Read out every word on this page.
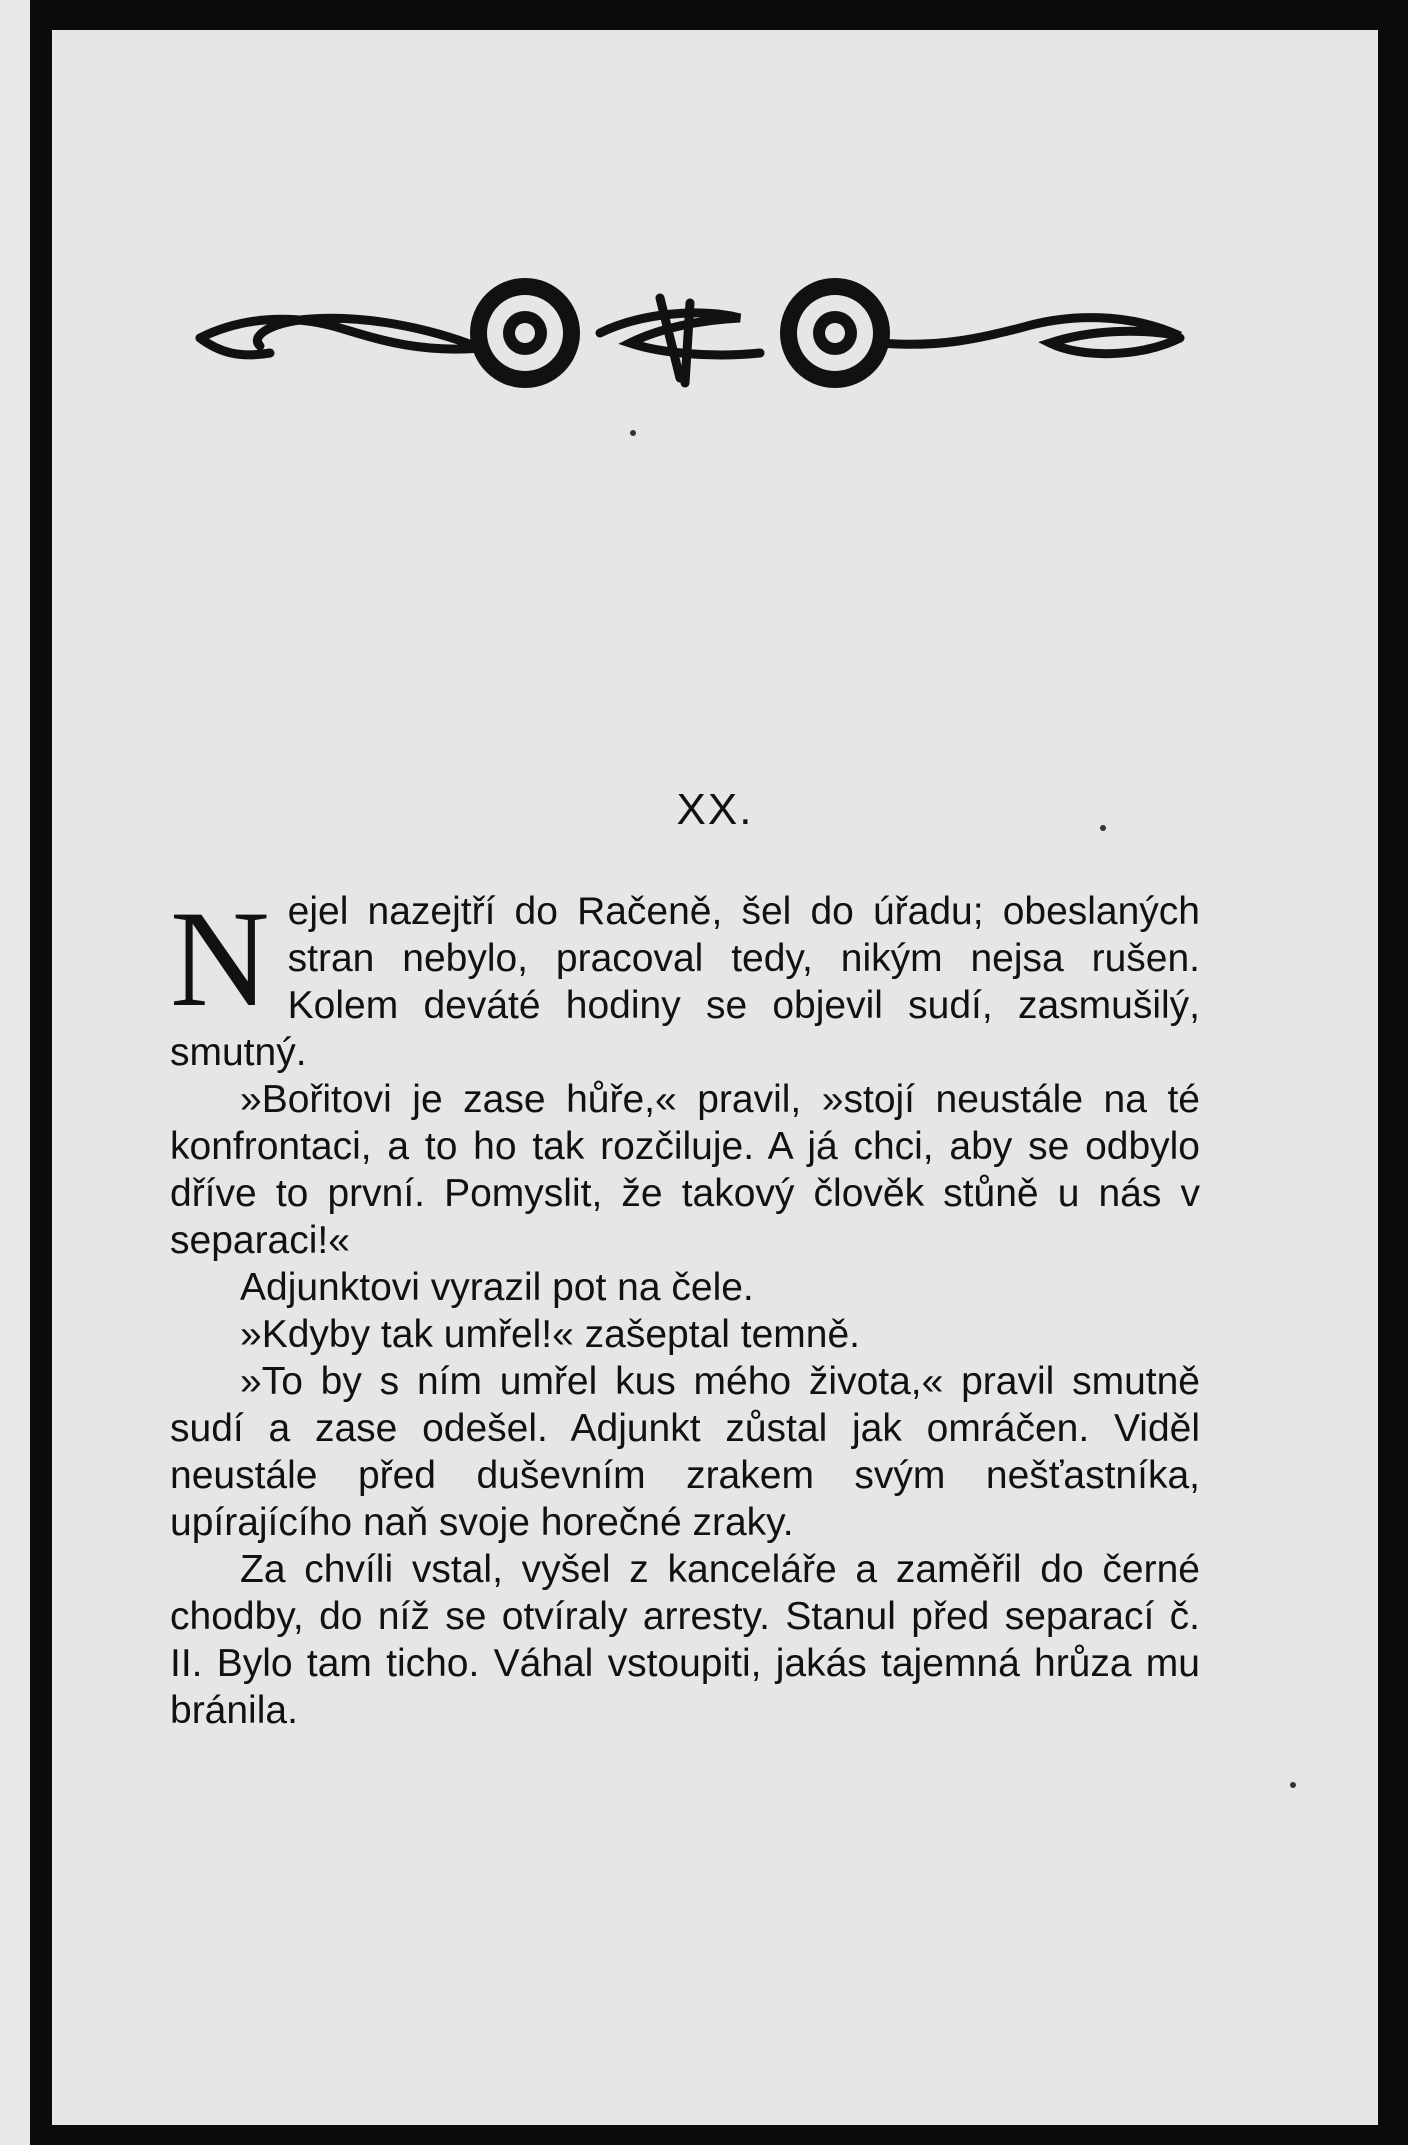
XX.

N ejel nazejtří do Račeně, šel do úřadu; obeslaných stran nebylo, pracoval tedy, nikým nejsa rušen. Kolem deváté hodiny se objevil sudí, zasmušilý, smutný.

»Bořitovi je zase hůře,« pravil, »stojí neustále na té konfrontaci, a to ho tak rozčiluje. A já chci, aby se odbylo dříve to první. Pomyslit, že takový člověk stůně u nás v separaci!«

Adjunktovi vyrazil pot na čele.

»Kdyby tak umřel!« zašeptal temně.

»To by s ním umřel kus mého života,« pravil smutně sudí a zase odešel. Adjunkt zůstal jak omráčen. Viděl neustále před duševním zrakem svým nešťastníka, upírajícího naň svoje horečné zraky.

Za chvíli vstal, vyšel z kanceláře a zaměřil do černé chodby, do níž se otvíraly arresty. Stanul před separací č. II. Bylo tam ticho. Váhal vstoupiti, jakás tajemná hrůza mu bránila.
